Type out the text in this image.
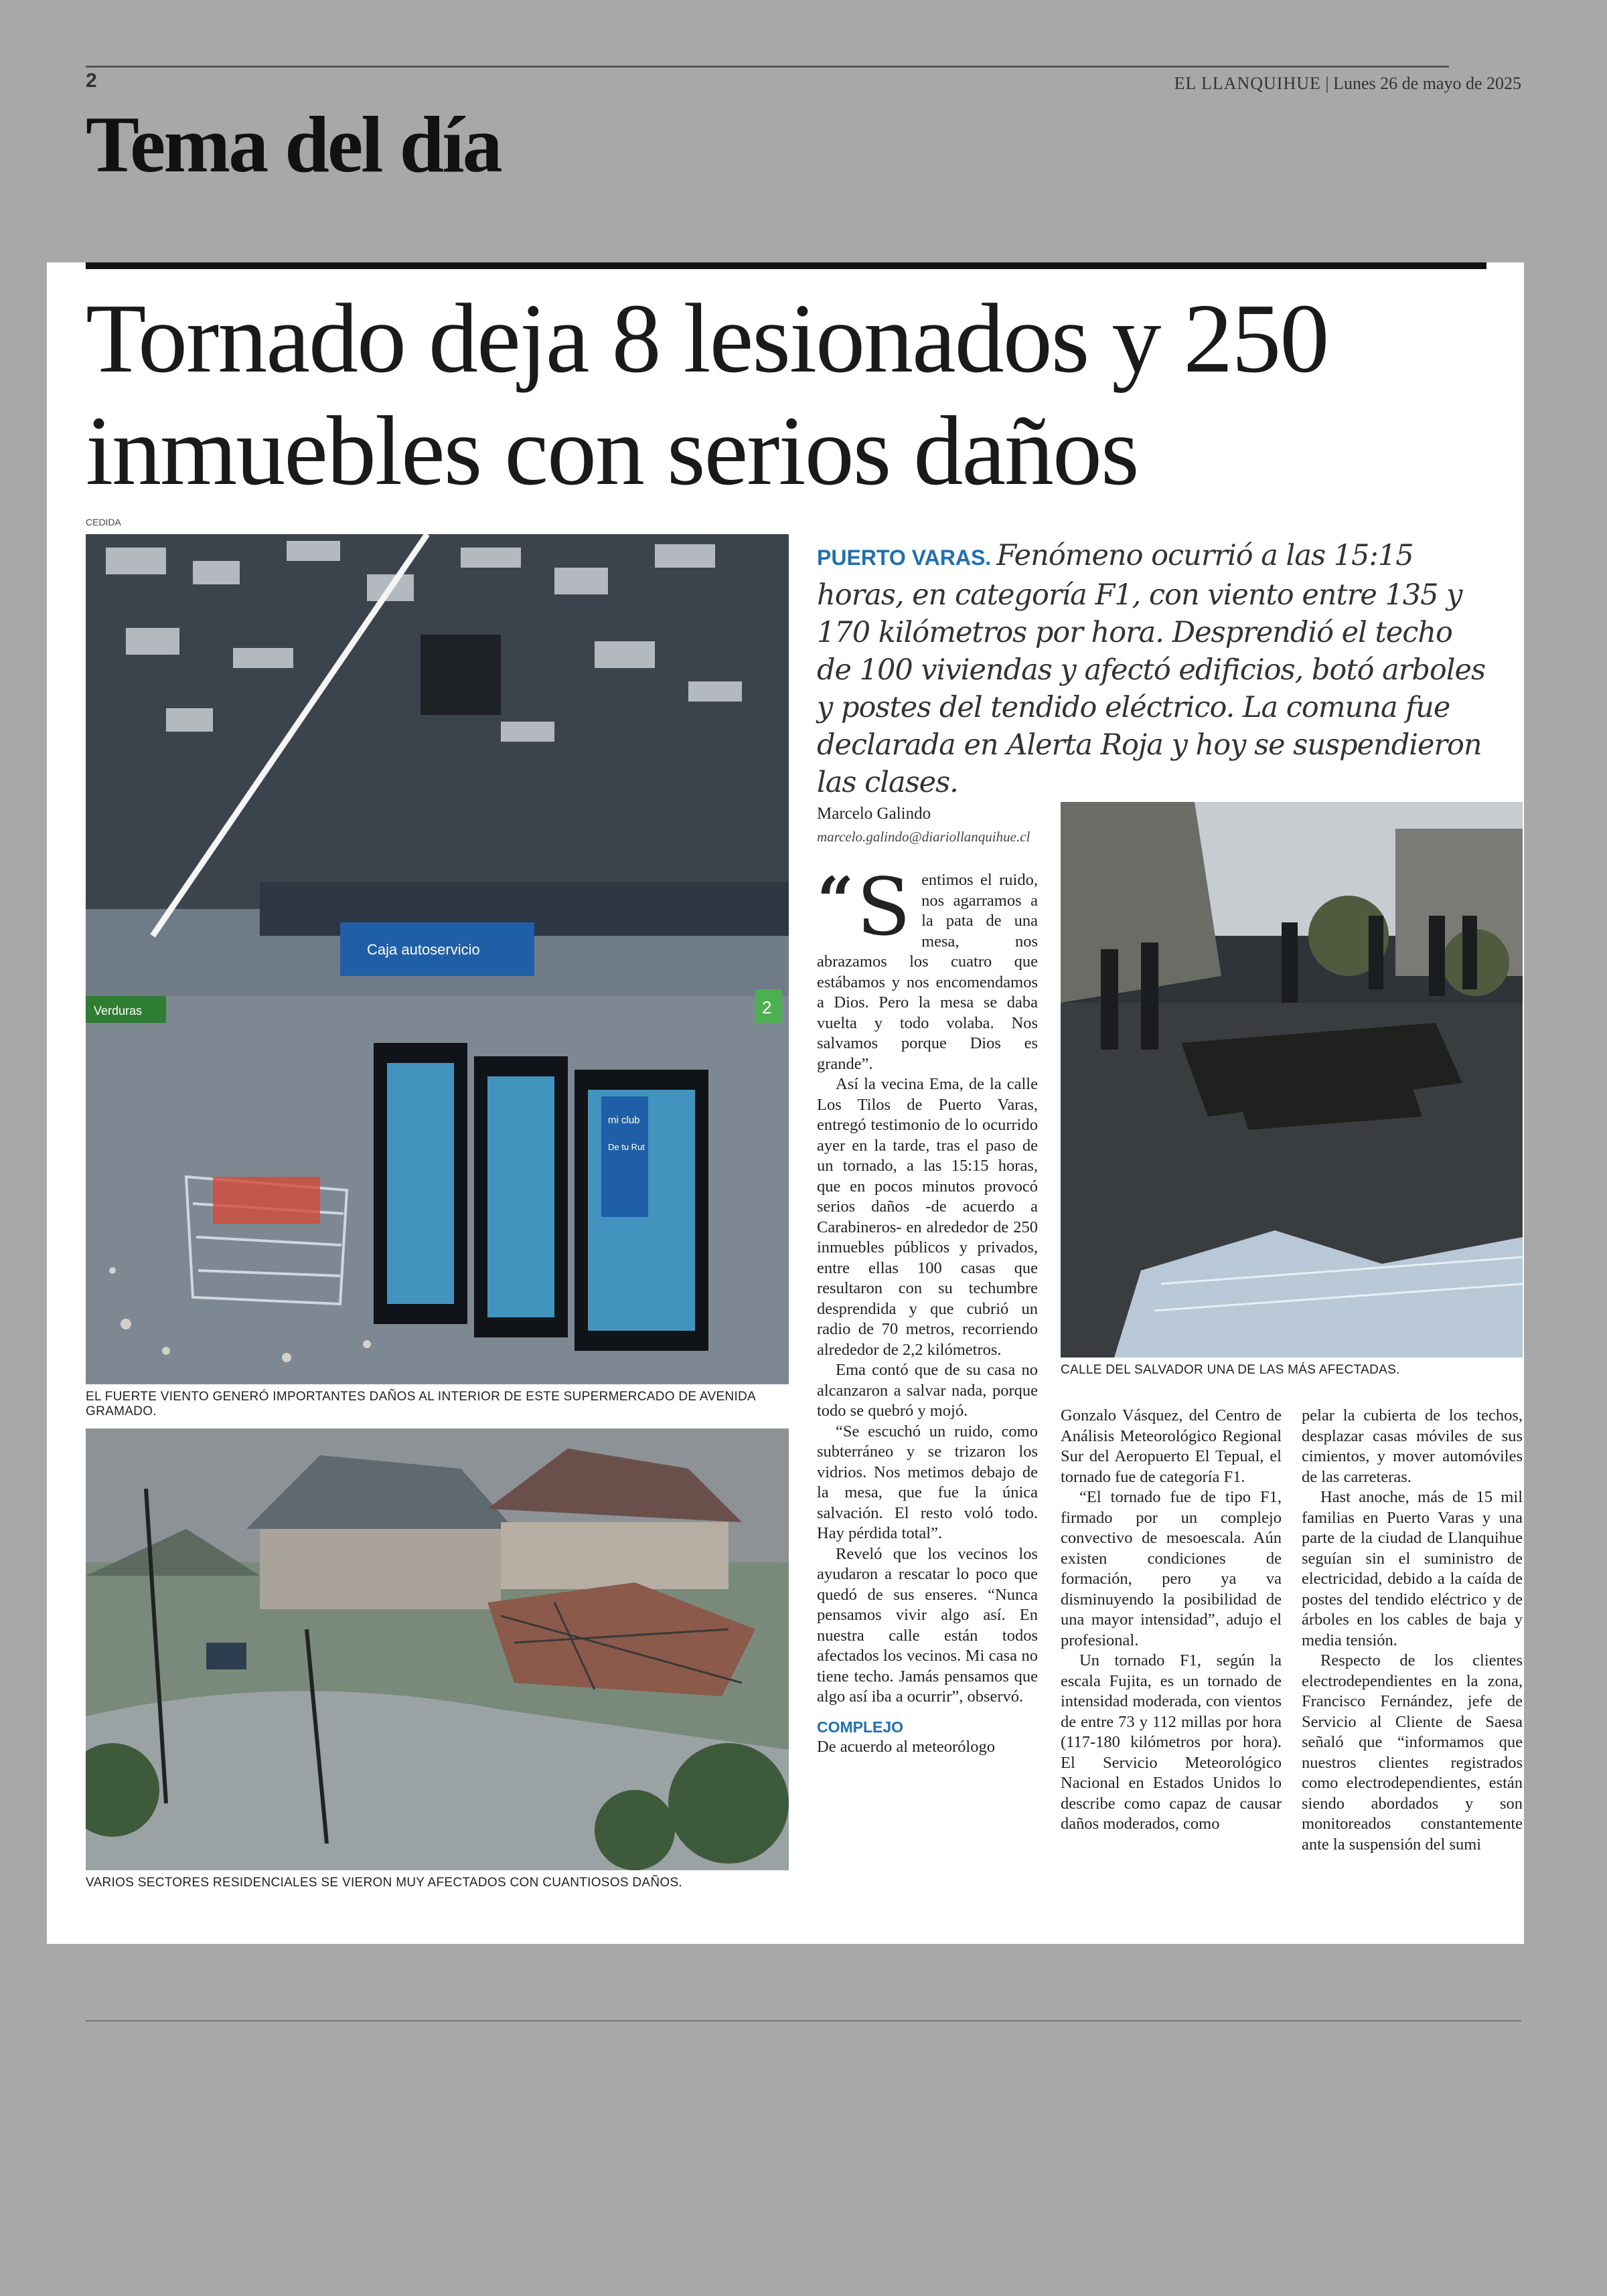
2	EL LLANQUIHUE | Lunes 26 de mayo de 2025
Tema del día
Tornado deja 8 lesionados y 250 inmuebles con serios daños
CEDIDA
Caja autoservicio
Verduras	2
mi club
De tu Rut
EL FUERTE VIENTO GENERÓ IMPORTANTES DAÑOS AL INTERIOR DE ESTE SUPERMERCADO DE AVENIDA GRAMADO.
VARIOS SECTORES RESIDENCIALES SE VIERON MUY AFECTADOS CON CUANTIOSOS DAÑOS.
PUERTO VARAS. Fenómeno ocurrió a las 15:15 horas, en categoría F1, con viento entre 135 y 170 kilómetros por hora. Desprendió el techo de 100 viviendas y afectó edificios, botó arboles y postes del tendido eléctrico. La comuna fue declarada en Alerta Roja y hoy se suspendieron las clases.
Marcelo Galindo
marcelo.galindo@diariollanquihue.cl
CALLE DEL SALVADOR UNA DE LAS MÁS AFECTADAS.

“ S entimos el ruido, nos agarramos a la pata de una mesa, nos abrazamos los cuatro que estábamos y nos encomendamos a Dios. Pero la mesa se daba vuelta y todo volaba. Nos salvamos porque Dios es grande”.

Así la vecina Ema, de la calle Los Tilos de Puerto Varas, entregó testimonio de lo ocurrido ayer en la tarde, tras el paso de un tornado, a las 15:15 horas, que en pocos minutos provocó serios daños -de acuerdo a Carabineros- en alrededor de 250 inmuebles públicos y privados, entre ellas 100 casas que resultaron con su techumbre desprendida y que cubrió un radio de 70 metros, recorriendo alrededor de 2,2 kilómetros.

Ema contó que de su casa no alcanzaron a salvar nada, porque todo se quebró y mojó.

“Se escuchó un ruido, como subterráneo y se trizaron los vidrios. Nos metimos debajo de la mesa, que fue la única salvación. El resto voló todo. Hay pérdida total”.

Reveló que los vecinos los ayudaron a rescatar lo poco que quedó de sus enseres. “Nunca pensamos vivir algo así. En nuestra calle están todos afectados los vecinos. Mi casa no tiene techo. Jamás pensamos que algo así iba a ocurrir”, observó.

COMPLEJO

De acuerdo al meteorólogo

Gonzalo Vásquez, del Centro de Análisis Meteorológico Regional Sur del Aeropuerto El Tepual, el tornado fue de categoría F1.

“El tornado fue de tipo F1, firmado por un complejo convectivo de mesoescala. Aún existen condiciones de formación, pero ya va disminuyendo la posibilidad de una mayor intensidad”, adujo el profesional.

Un tornado F1, según la escala Fujita, es un tornado de intensidad moderada, con vientos de entre 73 y 112 millas por hora (117-180 kilómetros por hora). El Servicio Meteorológico Nacional en Estados Unidos lo describe como capaz de causar daños moderados, como

pelar la cubierta de los techos, desplazar casas móviles de sus cimientos, y mover automóviles de las carreteras.

Hast anoche, más de 15 mil familias en Puerto Varas y una parte de la ciudad de Llanquihue seguían sin el suministro de electricidad, debido a la caída de postes del tendido eléctrico y de árboles en los cables de baja y media tensión.

Respecto de los clientes electrodependientes en la zona, Francisco Fernández, jefe de Servicio al Cliente de Saesa señaló que “informamos que nuestros clientes registrados como electrodependientes, están siendo abordados y son monitoreados constantemente ante la suspensión del sumi
